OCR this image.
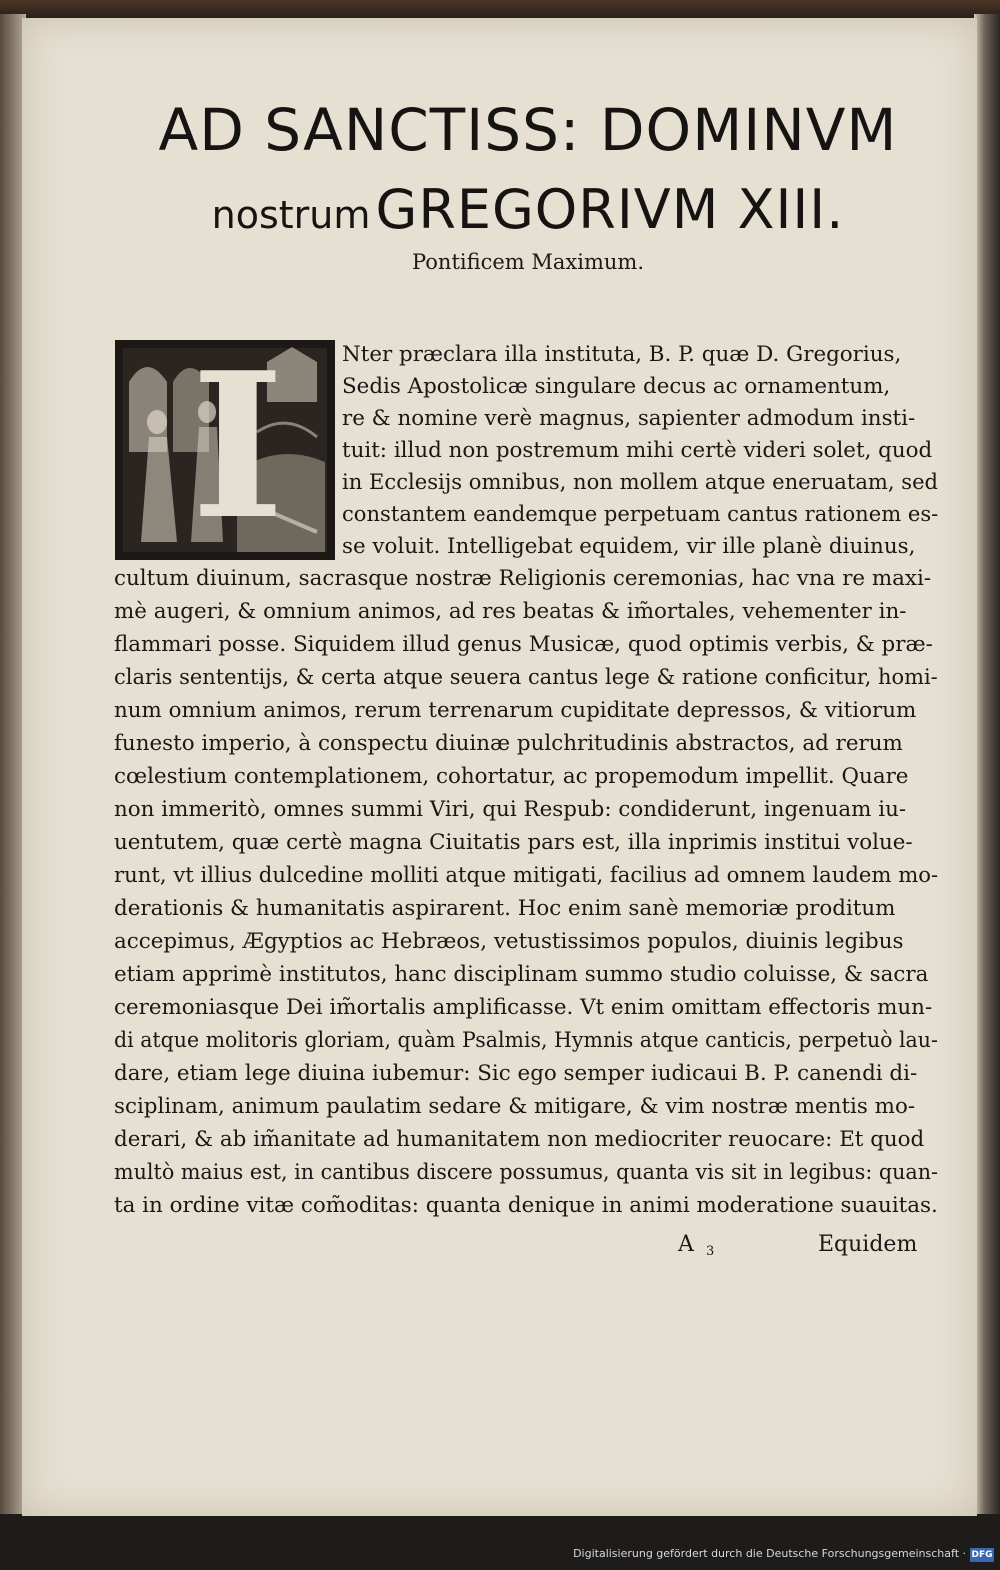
AD SANCTISS: DOMINVM
nostrum GREGORIVM XIII.
Pontificem Maximum.
I	Nter præclara illa instituta, B. P. quæ D. Gregorius,
Sedis Apostolicæ singulare decus ac ornamentum,
re & nomine verè magnus, sapienter admodum insti-
tuit: illud non postremum mihi certè videri solet, quod
in Ecclesijs omnibus, non mollem atque eneruatam, sed
constantem eandemque perpetuam cantus rationem es-
se voluit. Intelligebat equidem, vir ille planè diuinus,
cultum diuinum, sacrasque nostræ Religionis ceremonias, hac vna re maxi-
mè augeri, & omnium animos, ad res beatas & im̃ortales, vehementer in-
flammari posse. Siquidem illud genus Musicæ, quod optimis verbis, & præ-
claris sententijs, & certa atque seuera cantus lege & ratione conficitur, homi-
num omnium animos, rerum terrenarum cupiditate depressos, & vitiorum
funesto imperio, à conspectu diuinæ pulchritudinis abstractos, ad rerum
cœlestium contemplationem, cohortatur, ac propemodum impellit. Quare
non immeritò, omnes summi Viri, qui Respub: condiderunt, ingenuam iu-
uentutem, quæ certè magna Ciuitatis pars est, illa inprimis institui volue-
runt, vt illius dulcedine molliti atque mitigati, facilius ad omnem laudem mo-
derationis & humanitatis aspirarent. Hoc enim sanè memoriæ proditum
accepimus, Ægyptios ac Hebræos, vetustissimos populos, diuinis legibus
etiam apprimè institutos, hanc disciplinam summo studio coluisse, & sacra
ceremoniasque Dei im̃ortalis amplificasse. Vt enim omittam effectoris mun-
di atque molitoris gloriam, quàm Psalmis, Hymnis atque canticis, perpetuò lau-
dare, etiam lege diuina iubemur: Sic ego semper iudicaui B. P. canendi di-
sciplinam, animum paulatim sedare & mitigare, & vim nostræ mentis mo-
derari, & ab im̃anitate ad humanitatem non mediocriter reuocare: Et quod
multò maius est, in cantibus discere possumus, quanta vis sit in legibus: quan-
ta in ordine vitæ com̃oditas: quanta denique in animi moderatione suauitas.
A 3	Equidem
Digitalisierung gefördert durch die Deutsche Forschungsgemeinschaft · DFG
